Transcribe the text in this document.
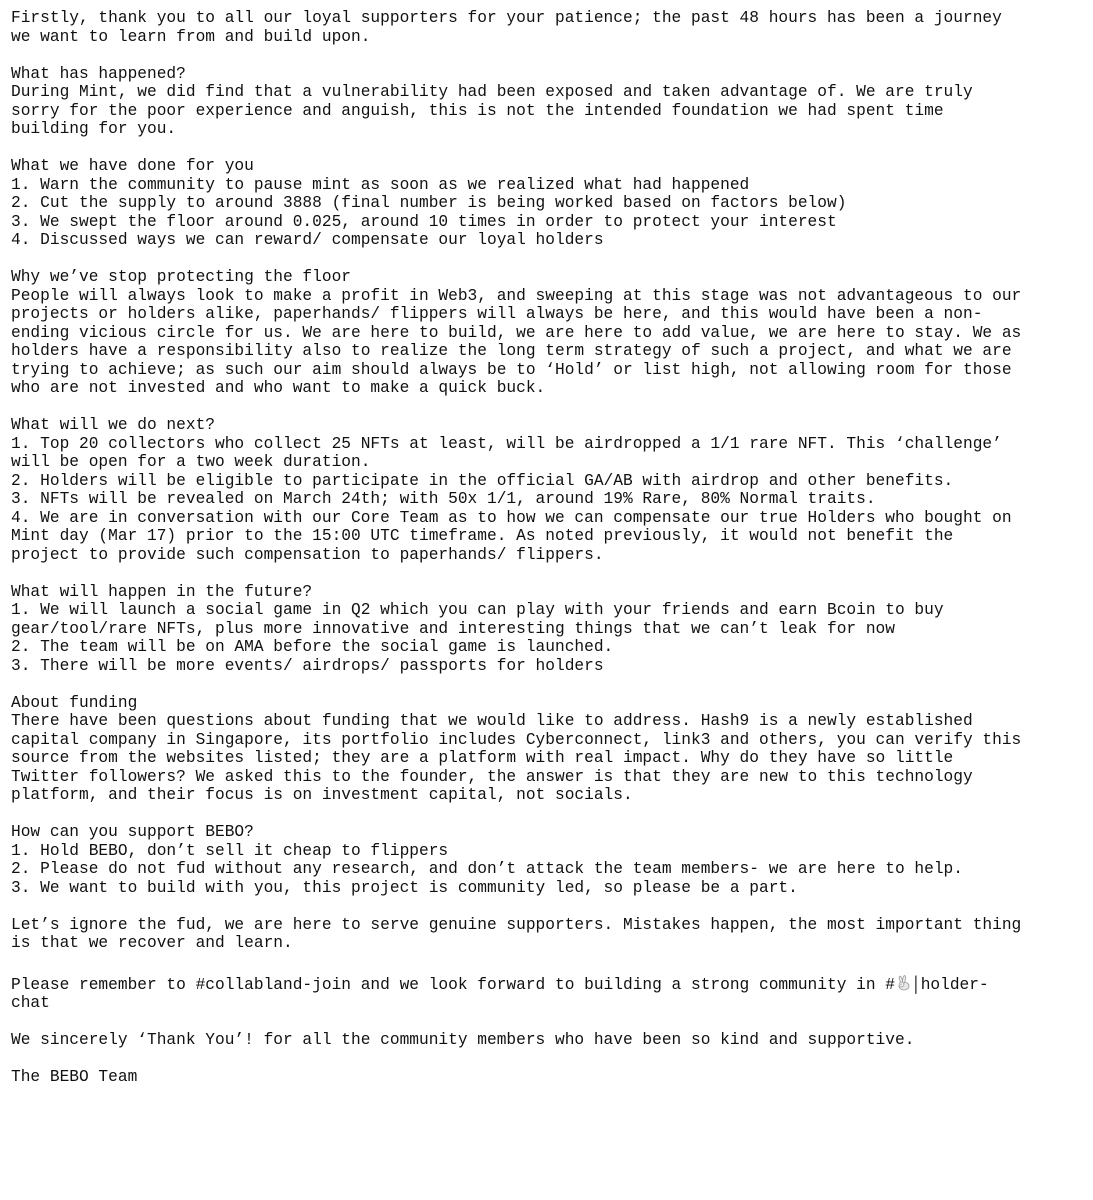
Firstly, thank you to all our loyal supporters for your patience; the past 48 hours has been a journey
we want to learn from and build upon.
What has happened?
During Mint, we did find that a vulnerability had been exposed and taken advantage of. We are truly
sorry for the poor experience and anguish, this is not the intended foundation we had spent time
building for you.
What we have done for you
1. Warn the community to pause mint as soon as we realized what had happened
2. Cut the supply to around 3888 (final number is being worked based on factors below)
3. We swept the floor around 0.025, around 10 times in order to protect your interest
4. Discussed ways we can reward/ compensate our loyal holders
Why we’ve stop protecting the floor
People will always look to make a profit in Web3, and sweeping at this stage was not advantageous to our
projects or holders alike, paperhands/ flippers will always be here, and this would have been a non-
ending vicious circle for us. We are here to build, we are here to add value, we are here to stay. We as
holders have a responsibility also to realize the long term strategy of such a project, and what we are
trying to achieve; as such our aim should always be to ‘Hold’ or list high, not allowing room for those
who are not invested and who want to make a quick buck.
What will we do next?
1. Top 20 collectors who collect 25 NFTs at least, will be airdropped a 1/1 rare NFT. This ‘challenge’
will be open for a two week duration.
2. Holders will be eligible to participate in the official GA/AB with airdrop and other benefits.
3. NFTs will be revealed on March 24th; with 50x 1/1, around 19% Rare, 80% Normal traits.
4. We are in conversation with our Core Team as to how we can compensate our true Holders who bought on
Mint day (Mar 17) prior to the 15:00 UTC timeframe. As noted previously, it would not benefit the
project to provide such compensation to paperhands/ flippers.
What will happen in the future?
1. We will launch a social game in Q2 which you can play with your friends and earn Bcoin to buy
gear/tool/rare NFTs, plus more innovative and interesting things that we can’t leak for now
2. The team will be on AMA before the social game is launched.
3. There will be more events/ airdrops/ passports for holders
About funding
There have been questions about funding that we would like to address. Hash9 is a newly established
capital company in Singapore, its portfolio includes Cyberconnect, link3 and others, you can verify this
source from the websites listed; they are a platform with real impact. Why do they have so little
Twitter followers? We asked this to the founder, the answer is that they are new to this technology
platform, and their focus is on investment capital, not socials.
How can you support BEBO?
1. Hold BEBO, don’t sell it cheap to flippers
2. Please do not fud without any research, and don’t attack the team members- we are here to help.
3. We want to build with you, this project is community led, so please be a part.
Let’s ignore the fud, we are here to serve genuine supporters. Mistakes happen, the most important thing
is that we recover and learn.
Please remember to #collabland-join and we look forward to building a strong community in # │holder-
chat
We sincerely ‘Thank You’! for all the community members who have been so kind and supportive.
The BEBO Team
